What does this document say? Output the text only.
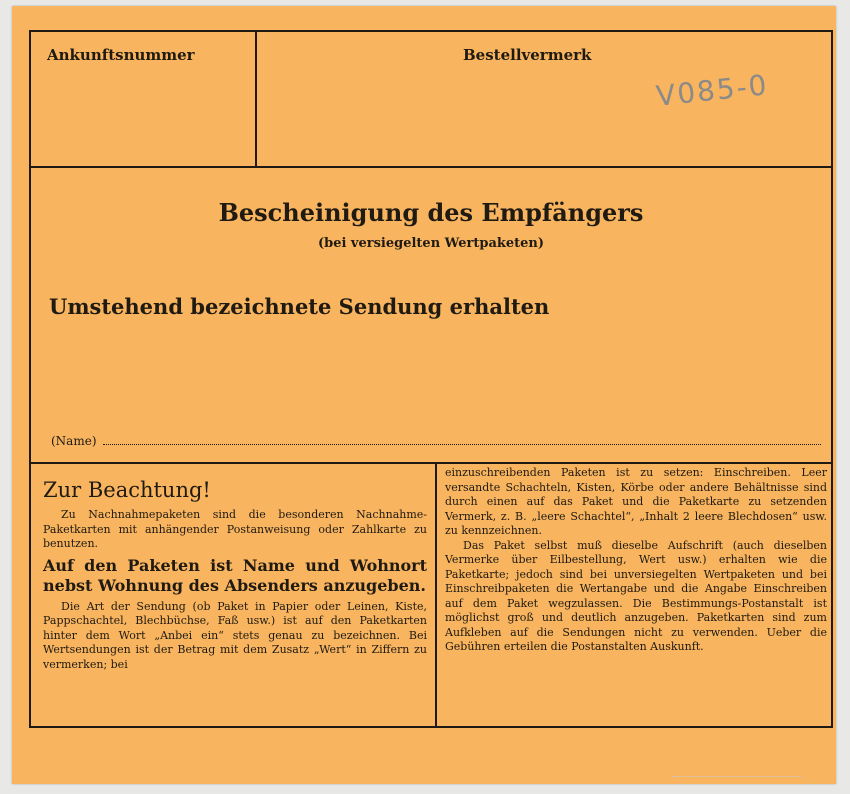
Ankunftsnummer	Bestellvermerk
V085-0
Bescheinigung des Empfängers
(bei versiegelten Wertpaketen)
Umstehend bezeichnete Sendung erhalten
(Name)
Zur Beachtung!

Zu Nachnahmepaketen sind die besonderen Nachnahme-Paketkarten mit anhängender Postanweisung oder Zahlkarte zu benutzen.

Auf den Paketen ist Name und Wohnort nebst Wohnung des Absenders anzugeben.

Die Art der Sendung (ob Paket in Papier oder Leinen, Kiste, Pappschachtel, Blechbüchse, Faß usw.) ist auf den Paketkarten hinter dem Wort „Anbei ein“ stets genau zu bezeichnen. Bei Wertsendungen ist der Betrag mit dem Zusatz „Wert“ in Ziffern zu vermerken; bei

einzuschreibenden Paketen ist zu setzen: Einschreiben. Leer versandte Schachteln, Kisten, Körbe oder andere Behältnisse sind durch einen auf das Paket und die Paketkarte zu setzenden Vermerk, z. B. „leere Schachtel“, „Inhalt 2 leere Blechdosen“ usw. zu kennzeichnen.

Das Paket selbst muß dieselbe Aufschrift (auch dieselben Vermerke über Eilbestellung, Wert usw.) erhalten wie die Paketkarte; jedoch sind bei unversiegelten Wertpaketen und bei Einschreibpaketen die Wertangabe und die Angabe Einschreiben auf dem Paket wegzulassen. Die Bestimmungs-Postanstalt ist möglichst groß und deutlich anzugeben. Paketkarten sind zum Aufkleben auf die Sendungen nicht zu verwenden. Ueber die Gebühren erteilen die Postanstalten Auskunft.
